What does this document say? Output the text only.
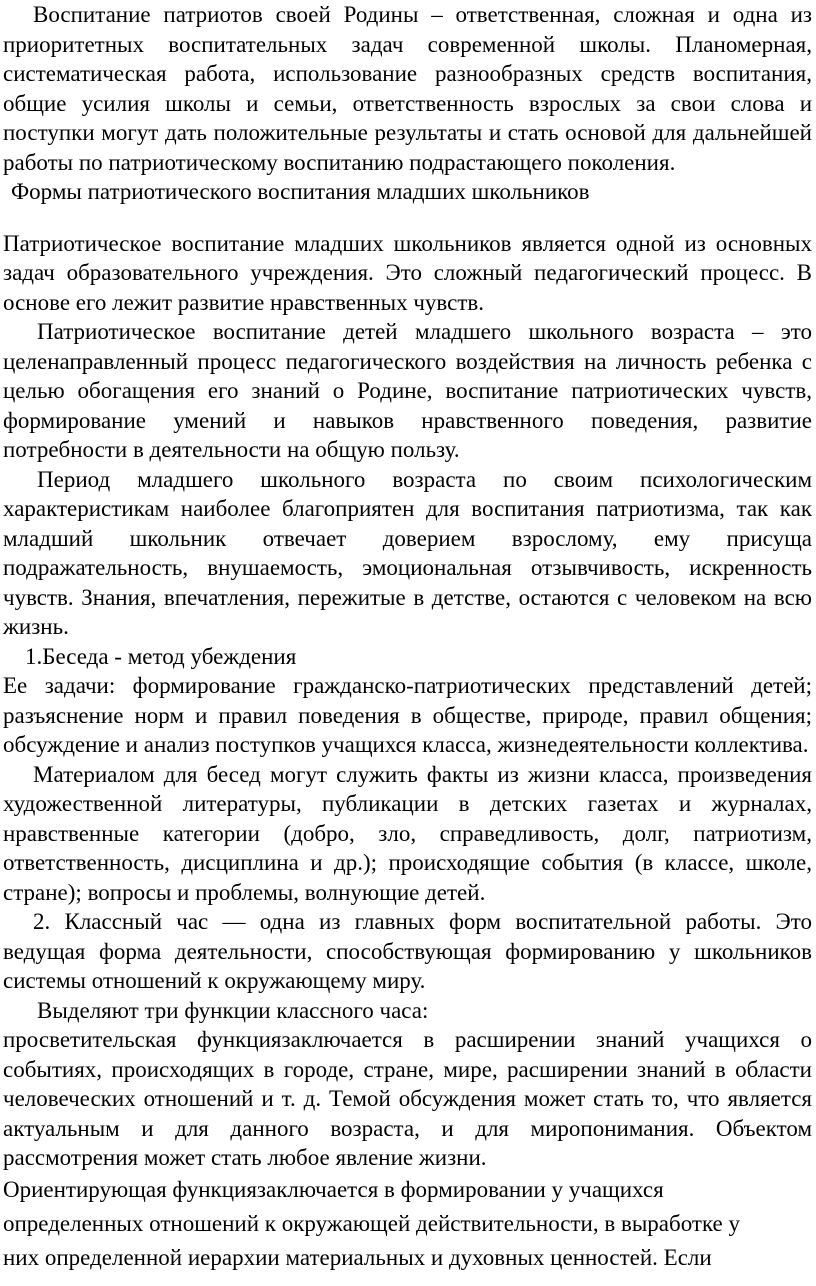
Воспитание патриотов своей Родины – ответственная, сложная и одна из приоритетных воспитательных задач современной школы. Планомерная, систематическая работа, использование разнообразных средств воспитания, общие усилия школы и семьи, ответственность взрослых за свои слова и поступки могут дать положительные результаты и стать основой для дальнейшей работы по патриотическому воспитанию подрастающего поколения.

Формы патриотического воспитания младших школьников

Патриотическое воспитание младших школьников является одной из основных задач образовательного учреждения. Это сложный педагогический процесс. В основе его лежит развитие нравственных чувств.

Патриотическое воспитание детей младшего школьного возраста – это целенаправленный процесс педагогического воздействия на личность ребенка с целью обогащения его знаний о Родине, воспитание патриотических чувств, формирование умений и навыков нравственного поведения, развитие потребности в деятельности на общую пользу.

Период младшего школьного возраста по своим психологическим характеристикам наиболее благоприятен для воспитания патриотизма, так как младший школьник отвечает доверием взрослому, ему присуща подражательность, внушаемость, эмоциональная отзывчивость, искренность чувств. Знания, впечатления, пережитые в детстве, остаются с человеком на всю жизнь.

1.Беседа - метод убеждения

Ее задачи: формирование гражданско-патриотических представлений детей; разъяснение норм и правил поведения в обществе, природе, правил общения; обсуждение и анализ поступков учащихся класса, жизнедеятельности коллектива.

Материалом для бесед могут служить факты из жизни класса, произведения художественной литературы, публикации в детских газетах и журналах, нравственные категории (добро, зло, справедливость, долг, патриотизм, ответственность, дисциплина и др.); происходящие события (в классе, школе, стране); вопросы и проблемы, волнующие детей.

2. Классный час — одна из главных форм воспитательной работы. Это ведущая форма деятельности, способствующая формированию у школьников системы отношений к окружающему миру.

Выделяют три функции классного часа:

просветительская функциязаключается в расширении знаний учащихся о событиях, происходящих в городе, стране, мире, расширении знаний в области человеческих отношений и т. д. Темой обсуждения может стать то, что является актуальным и для данного возраста, и для миропонимания. Объектом рассмотрения может стать любое явление жизни.

Ориентирующая функциязаключается в формировании у учащихся
определенных отношений к окружающей действительности, в выработке у
них определенной иерархии материальных и духовных ценностей. Если
